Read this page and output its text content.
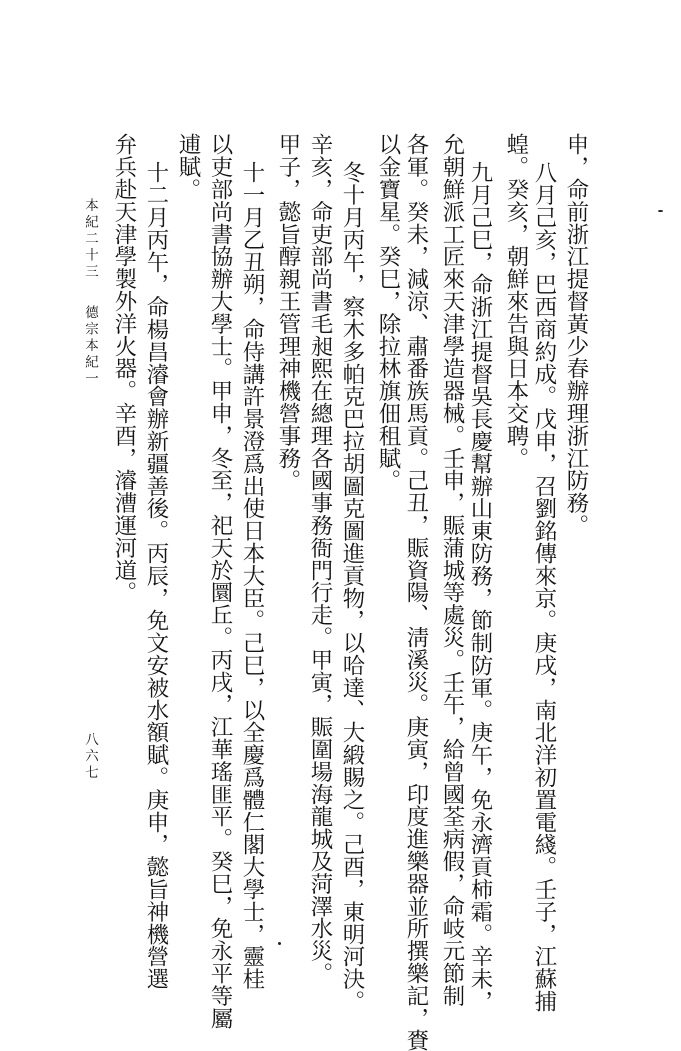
申，命前浙江提督黃少春辦理浙江防務。
八月己亥，巴西商約成。戊申，召劉銘傳來京。庚戌，南北洋初置電綫。壬子，江蘇捕
蝗。癸亥，朝鮮來告與日本交聘。
九月己巳，命浙江提督吳長慶幫辦山東防務，節制防軍。庚午，免永濟貢柿霜。辛未，
允朝鮮派工匠來天津學造器械。壬申，賑蒲城等處災。壬午，給曾國荃病假，命岐元節制
各軍。癸未，減涼、肅番族馬貢。己丑，賑資陽、淸溪災。庚寅，印度進樂器並所撰樂記，賚
以金寶星。癸巳，除拉林旗佃租賦。
冬十月丙午，察木多帕克巴拉胡圖克圖進貢物，以哈達、大緞賜之。己酉，東明河決。
辛亥，命吏部尚書毛昶熙在總理各國事務衙門行走。甲寅，賑圍場海龍城及菏澤水災。
甲子，懿旨醇親王管理神機營事務。
十一月乙丑朔，命侍講許景澄爲出使日本大臣。己巳，以全慶爲體仁閣大學士，靈桂
以吏部尚書協辦大學士。甲申，冬至，祀天於圜丘。丙戌，江華瑤匪平。癸巳，免永平等屬
逋賦。
十二月丙午，命楊昌濬會辦新疆善後。丙辰，免文安被水額賦。庚申，懿旨神機營選
弁兵赴天津學製外洋火器。辛酉，濬漕運河道。
本紀二十三
德宗本紀一
八六七
